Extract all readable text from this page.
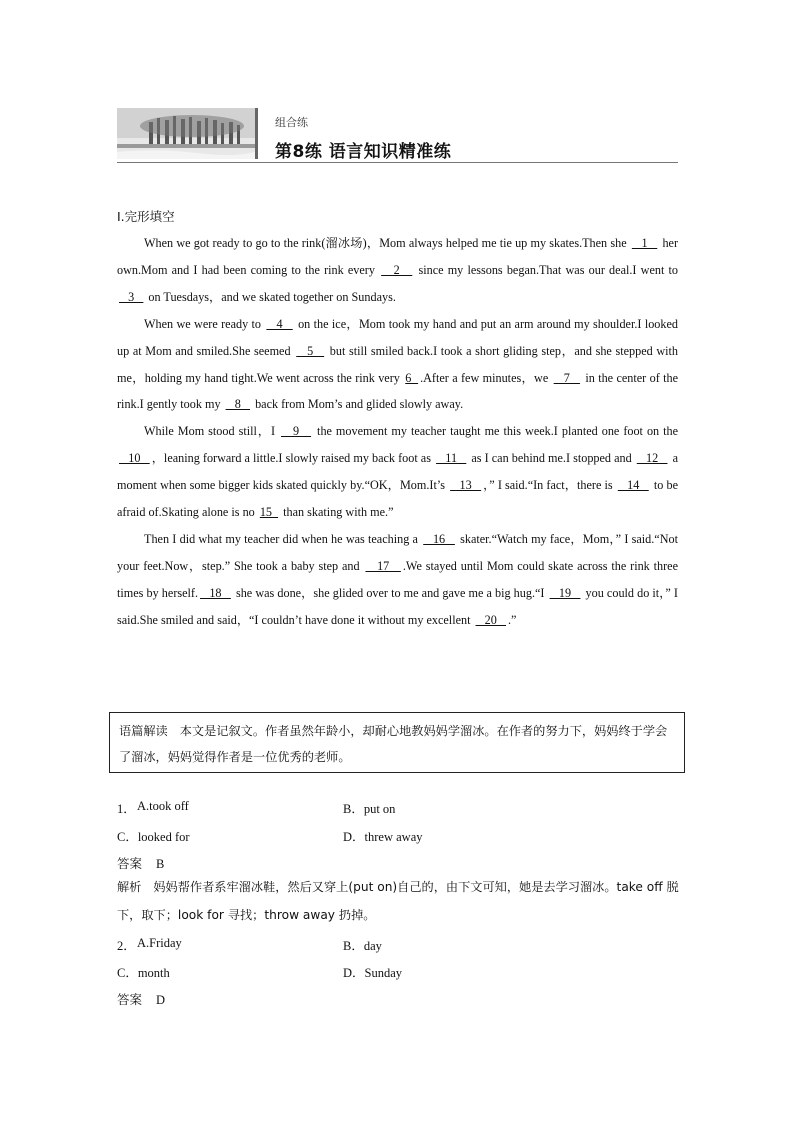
组合练
第8练 语言知识精准练
Ⅰ.完形填空

When we got ready to go to the rink(溜冰场)，Mom always helped me tie up my skates.Then she    1    her own.Mom and I had been coming to the rink every    2    since my lessons began.That was our deal.I went to    3    on Tuesdays，and we skated together on Sundays.

When we were ready to    4    on the ice，Mom took my hand and put an arm around my shoulder.I looked up at Mom and smiled.She seemed    5    but still smiled back.I took a short gliding step，and she stepped with me，holding my hand tight.We went across the rink very 6  .After a few minutes，we    7    in the center of the rink.I gently took my    8    back from Mom’s and glided slowly away.

While Mom stood still，I    9    the movement my teacher taught me this week.I planted one foot on the    10   ，leaning forward a little.I slowly raised my back foot as    11    as I can behind me.I stopped and    12    a moment when some bigger kids skated quickly by.“OK，Mom.It’s    13   ，” I said.“In fact，there is    14    to be afraid of.Skating alone is no 15   than skating with me.”

Then I did what my teacher did when he was teaching a    16    skater.“Watch my face，Mom，” I said.“Not your feet.Now，step.” She took a baby step and    17   .We stayed until Mom could skate across the rink three times by herself.   18    she was done，she glided over to me and gave me a big hug.“I    19    you could do it，” I said.She smiled and said，“I couldn’t have done it without my excellent    20   .”

语篇解读 本文是记叙文。作者虽然年龄小，却耐心地教妈妈学溜冰。在作者的努力下，妈妈终于学会了溜冰，妈妈觉得作者是一位优秀的老师。
1． A.took off	B．put on
C．looked for	D．threw away
答案 B
解析 妈妈帮作者系牢溜冰鞋，然后又穿上(put on)自己的，由下文可知，她是去学习溜冰。take off 脱下，取下；look for 寻找；throw away 扔掉。
2． A.Friday	B．day
C．month	D．Sunday
答案 D
